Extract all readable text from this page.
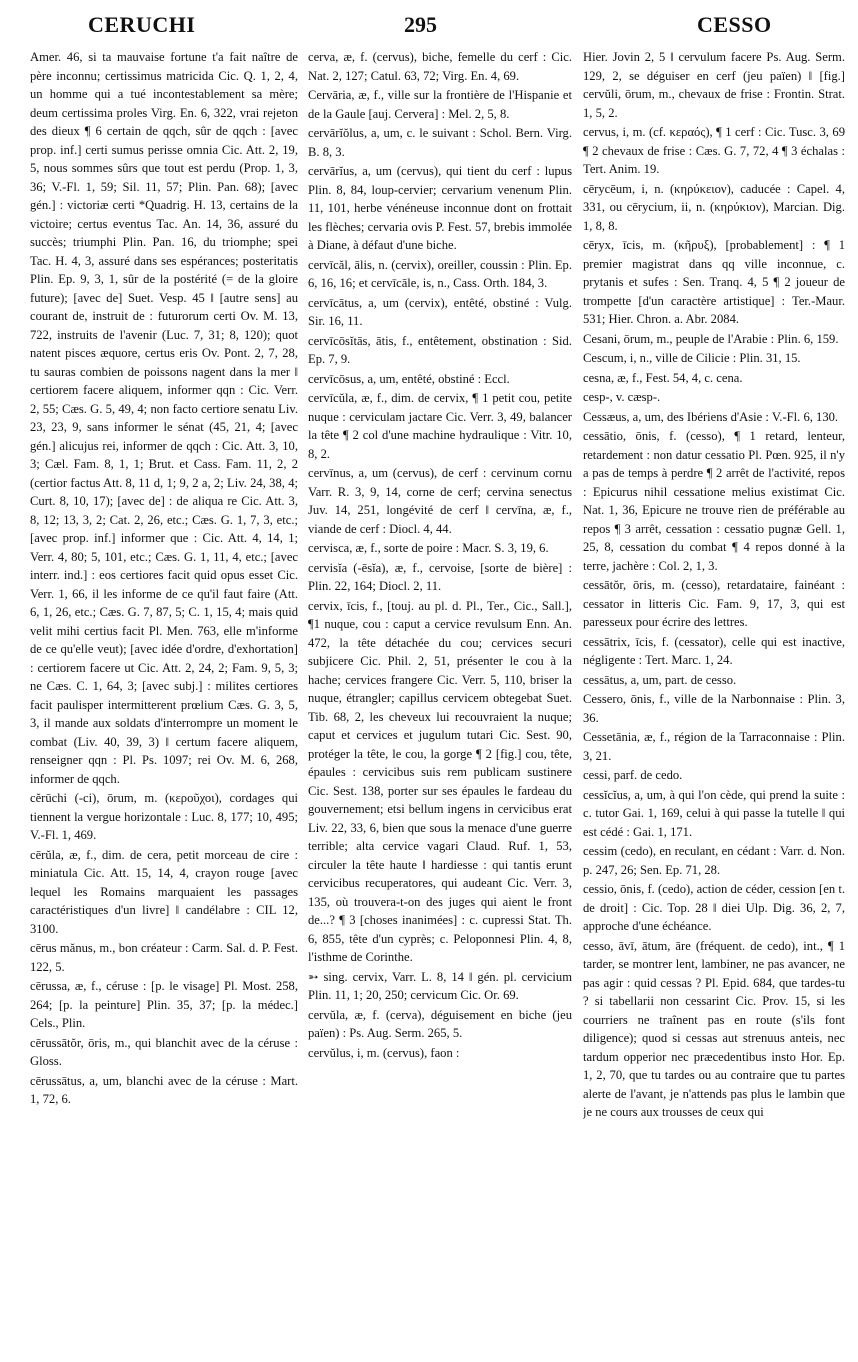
CERUCHI	295	CESSO

Amer. 46, si ta mauvaise fortune t'a fait naître de père inconnu; certissimus matricida Cic. Q. 1, 2, 4, un homme qui a tué incontestablement sa mère; deum certissima proles Virg. En. 6, 322, vrai rejeton des dieux ¶ 6 certain de qqch, sûr de qqch : [avec prop. inf.] certi sumus perisse omnia Cic. Att. 2, 19, 5, nous sommes sûrs que tout est perdu (Prop. 1, 3, 36; V.-Fl. 1, 59; Sil. 11, 57; Plin. Pan. 68); [avec gén.] : victoriæ certi *Quadrig. H. 13, certains de la victoire; certus eventus Tac. An. 14, 36, assuré du succès; triumphi Plin. Pan. 16, du triomphe; spei Tac. H. 4, 3, assuré dans ses espérances; posteritatis Plin. Ep. 9, 3, 1, sûr de la postérité (= de la gloire future); [avec de] Suet. Vesp. 45 ‖ [autre sens] au courant de, instruit de : futurorum certi Ov. M. 13, 722, instruits de l'avenir (Luc. 7, 31; 8, 120); quot natent pisces æquore, certus eris Ov. Pont. 2, 7, 28, tu sauras combien de poissons nagent dans la mer ‖ certiorem facere aliquem, informer qqn : Cic. Verr. 2, 55; Cæs. G. 5, 49, 4; non facto certiore senatu Liv. 23, 23, 9, sans informer le sénat (45, 21, 4; [avec gén.] alicujus rei, informer de qqch : Cic. Att. 3, 10, 3; Cæl. Fam. 8, 1, 1; Brut. et Cass. Fam. 11, 2, 2 (certior factus Att. 8, 11 d, 1; 9, 2 a, 2; Liv. 24, 38, 4; Curt. 8, 10, 17); [avec de] : de aliqua re Cic. Att. 3, 8, 12; 13, 3, 2; Cat. 2, 26, etc.; Cæs. G. 1, 7, 3, etc.; [avec prop. inf.] informer que : Cic. Att. 4, 14, 1; Verr. 4, 80; 5, 101, etc.; Cæs. G. 1, 11, 4, etc.; [avec interr. ind.] : eos certiores facit quid opus esset Cic. Verr. 1, 66, il les informe de ce qu'il faut faire (Att. 6, 1, 26, etc.; Cæs. G. 7, 87, 5; C. 1, 15, 4; mais quid velit mihi certius facit Pl. Men. 763, elle m'informe de ce qu'elle veut); [avec idée d'ordre, d'exhortation] : certiorem facere ut Cic. Att. 2, 24, 2; Fam. 9, 5, 3; ne Cæs. C. 1, 64, 3; [avec subj.] : milites certiores facit paulisper intermitterent prœlium Cæs. G. 3, 5, 3, il mande aux soldats d'interrompre un moment le combat (Liv. 40, 39, 3) ‖ certum facere aliquem, renseigner qqn : Pl. Ps. 1097; rei Ov. M. 6, 268, informer de qqch.

cĕrūchi (-ci), ōrum, m. (κεροῦχοι), cordages qui tiennent la vergue horizontale : Luc. 8, 177; 10, 495; V.-Fl. 1, 469.

cērŭla, æ, f., dim. de cera, petit morceau de cire : miniatula Cic. Att. 15, 14, 4, crayon rouge [avec lequel les Romains marquaient les passages caractéristiques d'un livre] ‖ candélabre : CIL 12, 3100.

cērus mănus, m., bon créateur : Carm. Sal. d. P. Fest. 122, 5.

cērussa, æ, f., céruse : [p. le visage] Pl. Most. 258, 264; [p. la peinture] Plin. 35, 37; [p. la médec.] Cels., Plin.

cērussātŏr, ōris, m., qui blanchit avec de la céruse : Gloss.

cērussātus, a, um, blanchi avec de la céruse : Mart. 1, 72, 6.

cerva, æ, f. (cervus), biche, femelle du cerf : Cic. Nat. 2, 127; Catul. 63, 72; Virg. En. 4, 69.

Cervāria, æ, f., ville sur la frontière de l'Hispanie et de la Gaule [auj. Cervera] : Mel. 2, 5, 8.

cervārĭŏlus, a, um, c. le suivant : Schol. Bern. Virg. B. 8, 3.

cervārĭus, a, um (cervus), qui tient du cerf : lupus Plin. 8, 84, loup-cervier; cervarium venenum Plin. 11, 101, herbe vénéneuse inconnue dont on frottait les flèches; cervaria ovis P. Fest. 57, brebis immolée à Diane, à défaut d'une biche.

cervīcăl, ālis, n. (cervix), oreiller, coussin : Plin. Ep. 6, 16, 16; et cervīcāle, is, n., Cass. Orth. 184, 3.

cervīcātus, a, um (cervix), entêté, obstiné : Vulg. Sir. 16, 11.

cervīcōsĭtās, ātis, f., entêtement, obstination : Sid. Ep. 7, 9.

cervīcōsus, a, um, entêté, obstiné : Eccl.

cervīcŭla, æ, f., dim. de cervix, ¶ 1 petit cou, petite nuque : cerviculam jactare Cic. Verr. 3, 49, balancer la tête ¶ 2 col d'une machine hydraulique : Vitr. 10, 8, 2.

cervīnus, a, um (cervus), de cerf : cervinum cornu Varr. R. 3, 9, 14, corne de cerf; cervina senectus Juv. 14, 251, longévité de cerf ‖ cervīna, æ, f., viande de cerf : Diocl. 4, 44.

cervisca, æ, f., sorte de poire : Macr. S. 3, 19, 6.

cervisĭa (-ēsĭa), æ, f., cervoise, [sorte de bière] : Plin. 22, 164; Diocl. 2, 11.

cervix, īcis, f., [touj. au pl. d. Pl., Ter., Cic., Sall.], ¶1 nuque, cou : caput a cervice revulsum Enn. An. 472, la tête détachée du cou; cervices securi subjicere Cic. Phil. 2, 51, présenter le cou à la hache; cervices frangere Cic. Verr. 5, 110, briser la nuque, étrangler; capillus cervicem obtegebat Suet. Tib. 68, 2, les cheveux lui recouvraient la nuque; caput et cervices et jugulum tutari Cic. Sest. 90, protéger la tête, le cou, la gorge ¶ 2 [fig.] cou, tête, épaules : cervicibus suis rem publicam sustinere Cic. Sest. 138, porter sur ses épaules le fardeau du gouvernement; etsi bellum ingens in cervicibus erat Liv. 22, 33, 6, bien que sous la menace d'une guerre terrible; alta cervice vagari Claud. Ruf. 1, 53, circuler la tête haute ‖ hardiesse : qui tantis erunt cervicibus recuperatores, qui audeant Cic. Verr. 3, 135, où trouvera-t-on des juges qui aient le front de...? ¶ 3 [choses inanimées] : c. cupressi Stat. Th. 6, 855, tête d'un cyprès; c. Peloponnesi Plin. 4, 8, l'isthme de Corinthe.

➳ sing. cervix, Varr. L. 8, 14 ‖ gén. pl. cervicium Plin. 11, 1; 20, 250; cervicum Cic. Or. 69.

cervŭla, æ, f. (cerva), déguisement en biche (jeu païen) : Ps. Aug. Serm. 265, 5.

cervŭlus, i, m. (cervus), faon :

Hier. Jovin 2, 5 ‖ cervulum facere Ps. Aug. Serm. 129, 2, se déguiser en cerf (jeu païen) ‖ [fig.] cervŭli, ōrum, m., chevaux de frise : Frontin. Strat. 1, 5, 2.

cervus, i, m. (cf. κεραός), ¶ 1 cerf : Cic. Tusc. 3, 69 ¶ 2 chevaux de frise : Cæs. G. 7, 72, 4 ¶ 3 échalas : Tert. Anim. 19.

cērycēum, i, n. (κηρύκειον), caducée : Capel. 4, 331, ou cērycium, ii, n. (κηρύκιον), Marcian. Dig. 1, 8, 8.

cēryx, īcis, m. (κῆρυξ), [probablement] : ¶ 1 premier magistrat dans qq ville inconnue, c. prytanis et sufes : Sen. Tranq. 4, 5 ¶ 2 joueur de trompette [d'un caractère artistique] : Ter.-Maur. 531; Hier. Chron. a. Abr. 2084.

Cesani, ōrum, m., peuple de l'Arabie : Plin. 6, 159.

Cescum, i, n., ville de Cilicie : Plin. 31, 15.

cesna, æ, f., Fest. 54, 4, c. cena.

cesp-, v. cæsp-.

Cessæus, a, um, des Ibériens d'Asie : V.-Fl. 6, 130.

cessātio, ōnis, f. (cesso), ¶ 1 retard, lenteur, retardement : non datur cessatio Pl. Pœn. 925, il n'y a pas de temps à perdre ¶ 2 arrêt de l'activité, repos : Epicurus nihil cessatione melius existimat Cic. Nat. 1, 36, Epicure ne trouve rien de préférable au repos ¶ 3 arrêt, cessation : cessatio pugnæ Gell. 1, 25, 8, cessation du combat ¶ 4 repos donné à la terre, jachère : Col. 2, 1, 3.

cessātŏr, ōris, m. (cesso), retardataire, fainéant : cessator in litteris Cic. Fam. 9, 17, 3, qui est paresseux pour écrire des lettres.

cessātrix, īcis, f. (cessator), celle qui est inactive, négligente : Tert. Marc. 1, 24.

cessātus, a, um, part. de cesso.

Cessero, ōnis, f., ville de la Narbonnaise : Plin. 3, 36.

Cessetānia, æ, f., région de la Tarraconnaise : Plin. 3, 21.

cessi, parf. de cedo.

cessĭcĭus, a, um, à qui l'on cède, qui prend la suite : c. tutor Gai. 1, 169, celui à qui passe la tutelle ‖ qui est cédé : Gai. 1, 171.

cessim (cedo), en reculant, en cédant : Varr. d. Non. p. 247, 26; Sen. Ep. 71, 28.

cessio, ōnis, f. (cedo), action de céder, cession [en t. de droit] : Cic. Top. 28 ‖ diei Ulp. Dig. 36, 2, 7, approche d'une échéance.

cesso, āvī, ātum, āre (fréquent. de cedo), int., ¶ 1 tarder, se montrer lent, lambiner, ne pas avancer, ne pas agir : quid cessas ? Pl. Epid. 684, que tardes-tu ? si tabellarii non cessarint Cic. Prov. 15, si les courriers ne traînent pas en route (s'ils font diligence); quod si cessas aut strenuus anteis, nec tardum opperior nec præcedentibus insto Hor. Ep. 1, 2, 70, que tu tardes ou au contraire que tu partes alerte de l'avant, je n'attends pas plus le lambin que je ne cours aux trousses de ceux qui
